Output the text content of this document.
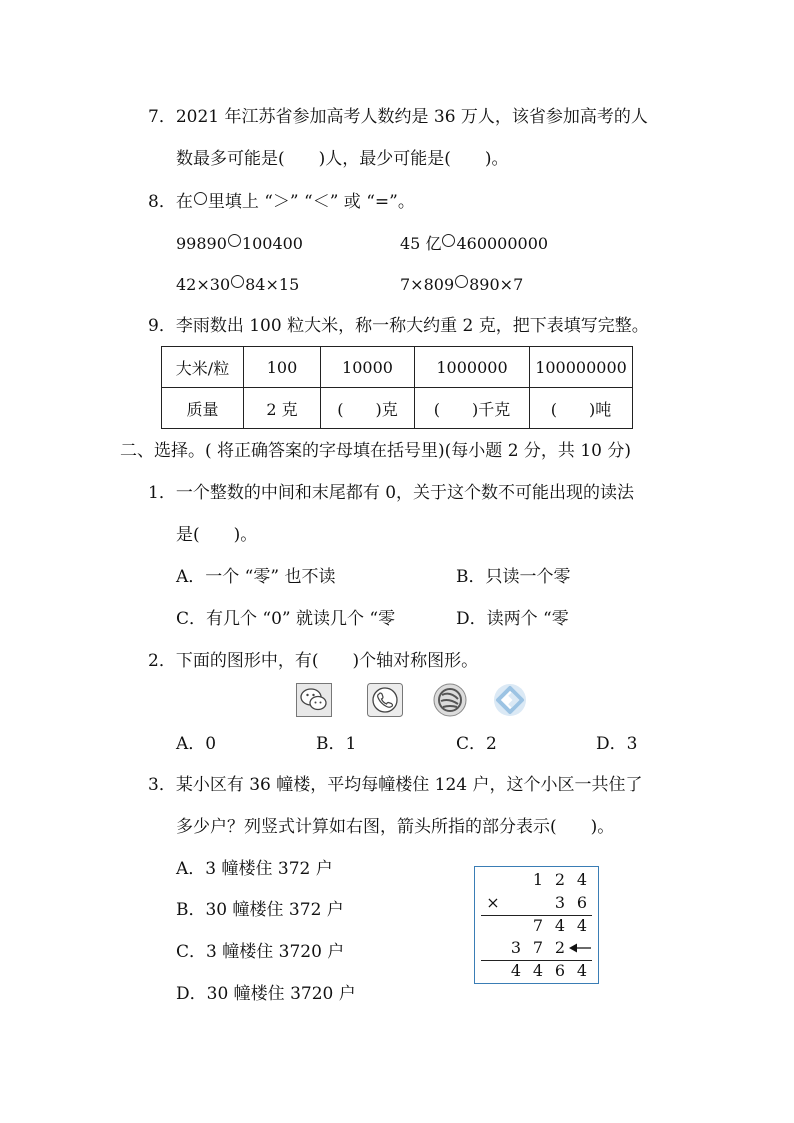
7．2021 年江苏省参加高考人数约是 36 万人，该省参加高考的人
数最多可能是(　　)人，最少可能是(　　)。
8．在 里填上 “＞” “＜” 或 “=”。
99890 100400	45 亿 460000000
42×30 84×15	7×809 890×7
9．李雨数出 100 粒大米，称一称大约重 2 克，把下表填写完整。
大米/粒	100	10000	1000000	100000000
质量	2 克	(　　)克	(　　)千克	(　　)吨
二、选择。( 将正确答案的字母填在括号里)(每小题 2 分，共 10 分)
1．一个整数的中间和末尾都有 0，关于这个数不可能出现的读法
是(　　)。
A．一个 “零” 也不读	B．只读一个零
C．有几个 “0” 就读几个 “零	D．读两个 “零
2．下面的图形中，有(　　)个轴对称图形。
A．0	B．1	C．2	D．3
3．某小区有 36 幢楼，平均每幢楼住 124 户，这个小区一共住了
多少户？列竖式计算如右图，箭头所指的部分表示(　　)。
A．3 幢楼住 372 户
B．30 幢楼住 372 户
C．3 幢楼住 3720 户
D．30 幢楼住 3720 户
1 2 4
×	3 6
7 4 4
3 7 2
4 4 6 4
